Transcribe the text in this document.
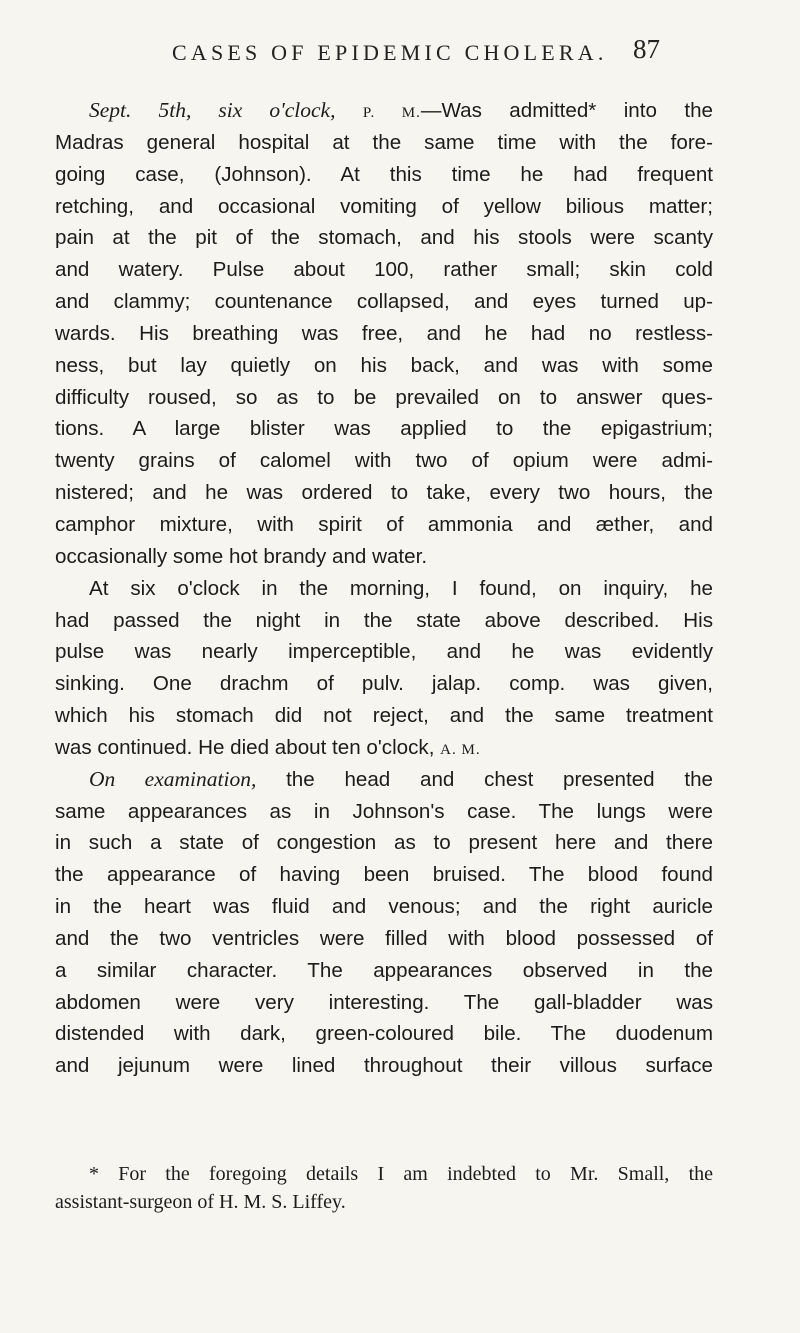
CASES OF EPIDEMIC CHOLERA. 87
Sept. 5th, six o'clock, P. M.—Was admitted* into the
Madras general hospital at the same time with the fore-
going case, (Johnson). At this time he had frequent
retching, and occasional vomiting of yellow bilious matter;
pain at the pit of the stomach, and his stools were scanty
and watery. Pulse about 100, rather small; skin cold
and clammy; countenance collapsed, and eyes turned up-
wards. His breathing was free, and he had no restless-
ness, but lay quietly on his back, and was with some
difficulty roused, so as to be prevailed on to answer ques-
tions. A large blister was applied to the epigastrium;
twenty grains of calomel with two of opium were admi-
nistered; and he was ordered to take, every two hours, the
camphor mixture, with spirit of ammonia and æther, and
occasionally some hot brandy and water.
At six o'clock in the morning, I found, on inquiry, he
had passed the night in the state above described. His
pulse was nearly imperceptible, and he was evidently
sinking. One drachm of pulv. jalap. comp. was given,
which his stomach did not reject, and the same treatment
was continued. He died about ten o'clock, A. M.
On examination, the head and chest presented the
same appearances as in Johnson's case. The lungs were
in such a state of congestion as to present here and there
the appearance of having been bruised. The blood found
in the heart was fluid and venous; and the right auricle
and the two ventricles were filled with blood possessed of
a similar character. The appearances observed in the
abdomen were very interesting. The gall-bladder was
distended with dark, green-coloured bile. The duodenum
and jejunum were lined throughout their villous surface
* For the foregoing details I am indebted to Mr. Small, the
assistant-surgeon of H. M. S. Liffey.
